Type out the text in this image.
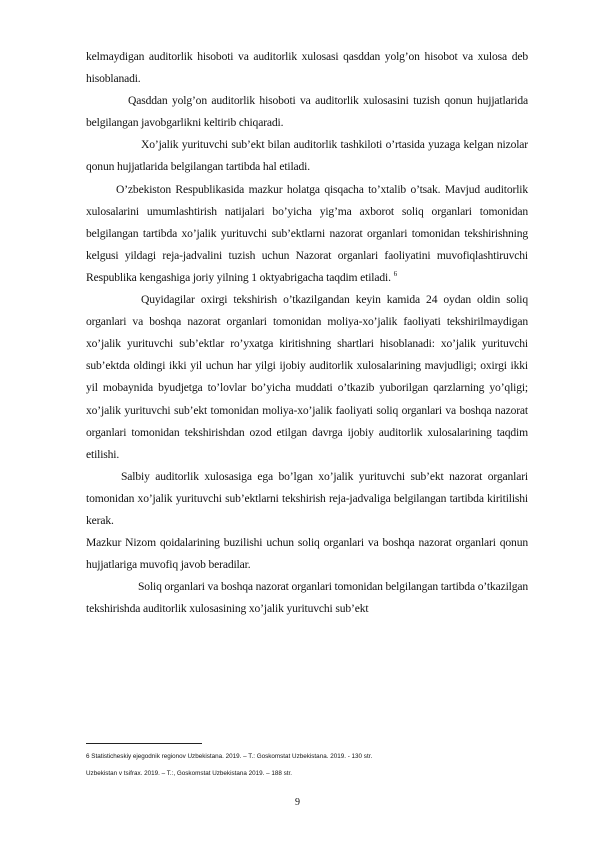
kelmaydigan auditorlik hisoboti va auditorlik xulosasi qasddan yolg’on hisobot va xulosa deb hisoblanadi.

Qasddan yolg’on auditorlik hisoboti va auditorlik xulosasini tuzish qonun hujjatlarida belgilangan javobgarlikni keltirib chiqaradi.

Xo’jalik yurituvchi sub’ekt bilan auditorlik tashkiloti o’rtasida yuzaga kelgan nizolar qonun hujjatlarida belgilangan tartibda hal etiladi.

O’zbekiston Respublikasida mazkur holatga qisqacha to’xtalib o’tsak. Mavjud auditorlik xulosalarini umumlashtirish natijalari bo’yicha yig’ma axborot soliq organlari tomonidan belgilangan tartibda xo’jalik yurituvchi sub’ektlarni nazorat organlari tomonidan tekshirishning kelgusi yildagi reja-jadvalini tuzish uchun Nazorat organlari faoliyatini muvofiqlashtiruvchi Respublika kengashiga joriy yilning 1 oktyabrigacha taqdim etiladi. $^6$

Quyidagilar oxirgi tekshirish o’tkazilgandan keyin kamida 24 oydan oldin soliq organlari va boshqa nazorat organlari tomonidan moliya-xo’jalik faoliyati tekshirilmaydigan xo’jalik yurituvchi sub’ektlar ro’yxatga kiritishning shartlari hisoblanadi: xo’jalik yurituvchi sub’ektda oldingi ikki yil uchun har yilgi ijobiy auditorlik xulosalarining mavjudligi; oxirgi ikki yil mobaynida byudjetga to’lovlar bo’yicha muddati o’tkazib yuborilgan qarzlarning yo’qligi; xo’jalik yurituvchi sub’ekt tomonidan moliya-xo’jalik faoliyati soliq organlari va boshqa nazorat organlari tomonidan tekshirishdan ozod etilgan davrga ijobiy auditorlik xulosalarining taqdim etilishi.

Salbiy auditorlik xulosasiga ega bo’lgan xo’jalik yurituvchi sub’ekt nazorat organlari tomonidan xo’jalik yurituvchi sub’ektlarni tekshirish reja-jadvaliga belgilangan tartibda kiritilishi kerak.

Mazkur Nizom qoidalarining buzilishi uchun soliq organlari va boshqa nazorat organlari qonun hujjatlariga muvofiq javob beradilar.

Soliq organlari va boshqa nazorat organlari tomonidan belgilangan tartibda o’tkazilgan tekshirishda auditorlik xulosasining xo’jalik yurituvchi sub’ekt

6 Statisticheskiy ejegodnik regionov Uzbekistana. 2019. – T.: Goskomstat Uzbekistana. 2019. - 130 str.

Uzbekistan v tsifrax. 2019. – T.:, Goskomstat Uzbekistana 2019. – 188 str.

9
